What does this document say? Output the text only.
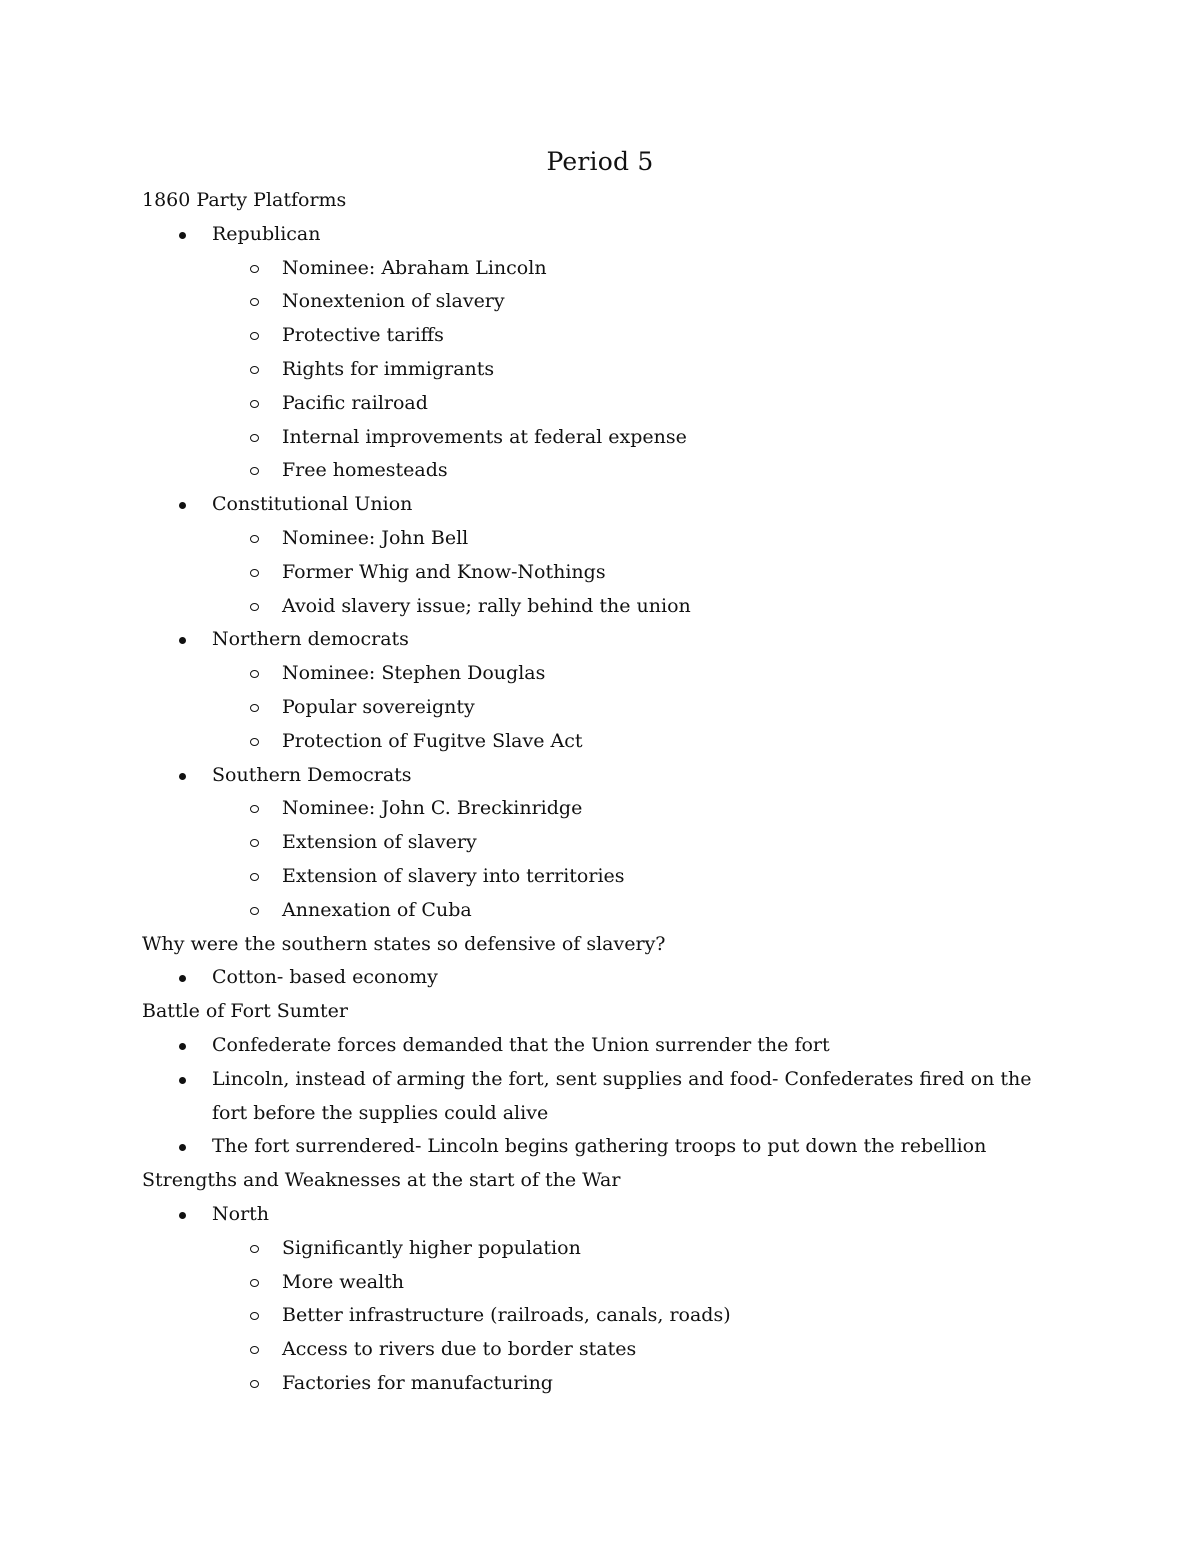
Period 5
1860 Party Platforms
Republican
Nominee: Abraham Lincoln
Nonextenion of slavery
Protective tariffs
Rights for immigrants
Pacific railroad
Internal improvements at federal expense
Free homesteads
Constitutional Union
Nominee: John Bell
Former Whig and Know-Nothings
Avoid slavery issue; rally behind the union
Northern democrats
Nominee: Stephen Douglas
Popular sovereignty
Protection of Fugitve Slave Act
Southern Democrats
Nominee: John C. Breckinridge
Extension of slavery
Extension of slavery into territories
Annexation of Cuba
Why were the southern states so defensive of slavery?
Cotton- based economy
Battle of Fort Sumter
Confederate forces demanded that the Union surrender the fort
Lincoln, instead of arming the fort, sent supplies and food- Confederates fired on the
fort before the supplies could alive
The fort surrendered- Lincoln begins gathering troops to put down the rebellion
Strengths and Weaknesses at the start of the War
North
Significantly higher population
More wealth
Better infrastructure (railroads, canals, roads)
Access to rivers due to border states
Factories for manufacturing
